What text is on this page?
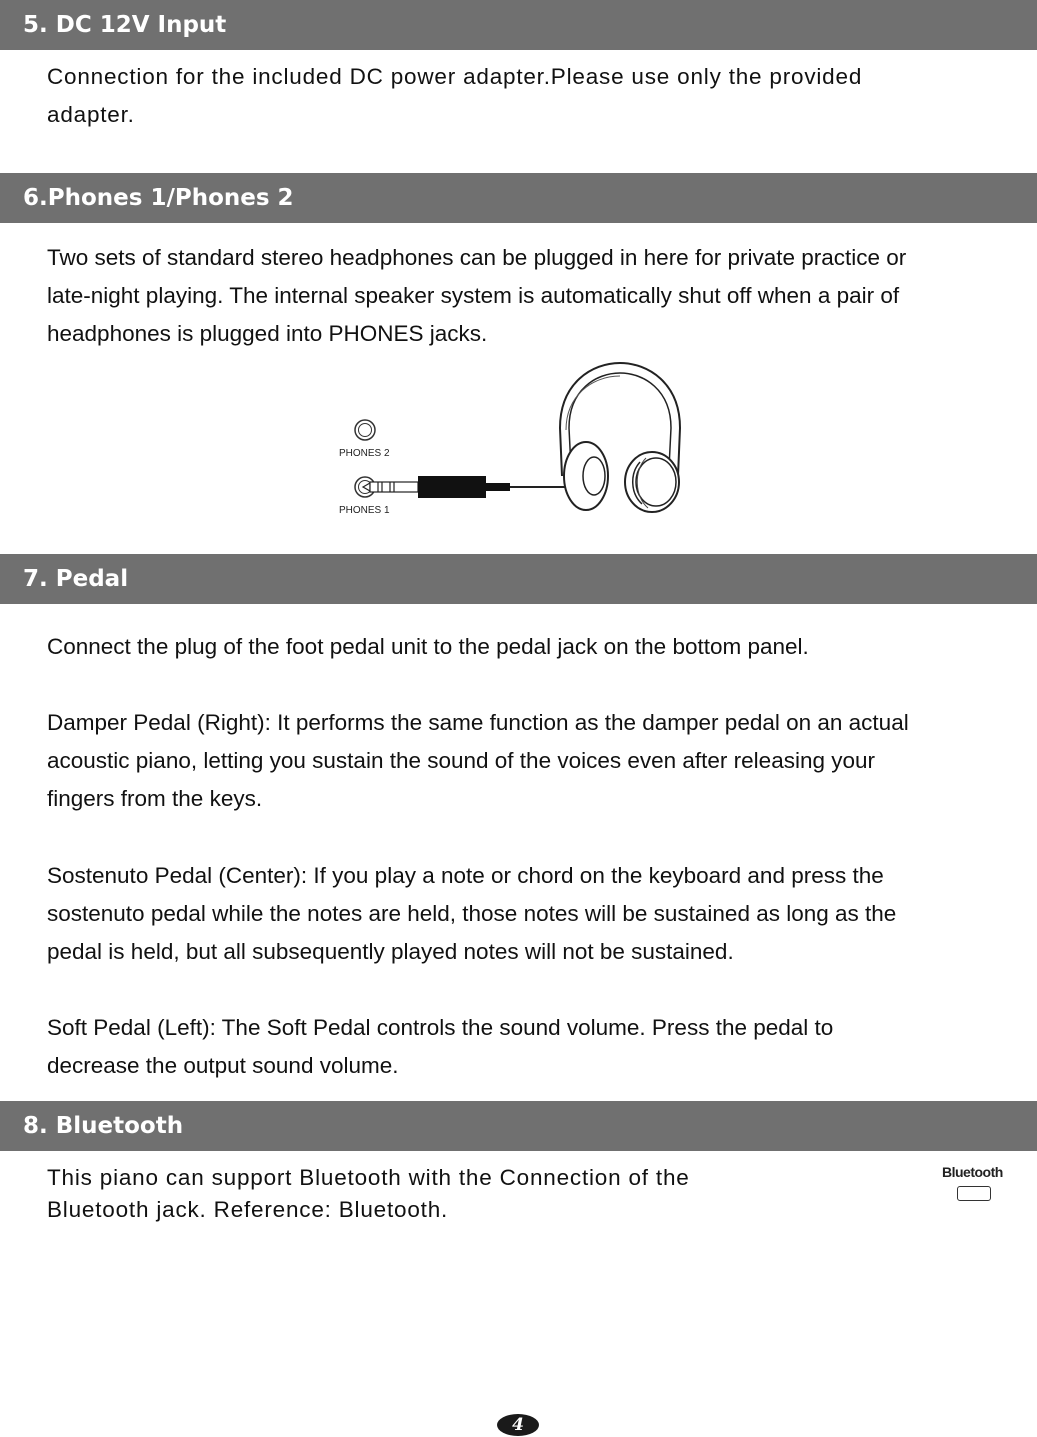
5. DC 12V Input

Connection for the included DC power adapter.Please use only the provided

adapter.

6.Phones 1/Phones 2

Two sets of standard stereo headphones can be plugged in here for private practice or

late-night playing. The internal speaker system is automatically shut off when a pair of

headphones is plugged into PHONES jacks.

PHONES 2
PHONES 1
7. Pedal

Connect the plug of the foot pedal unit to the pedal jack on the bottom panel.

Damper Pedal (Right): It performs the same function as the damper pedal on an actual

acoustic piano, letting you sustain the sound of the voices even after releasing your

fingers from the keys.

Sostenuto Pedal (Center): If you play a note or chord on the keyboard and press the

sostenuto pedal while the notes are held, those notes will be sustained as long as the

pedal is held, but all subsequently played notes will not be sustained.

Soft Pedal (Left): The Soft Pedal controls the sound volume. Press the pedal to

decrease the output sound volume.

8. Bluetooth

This piano can support Bluetooth with the Connection of the

Bluetooth jack. Reference: Bluetooth.

Bluetooth
4
